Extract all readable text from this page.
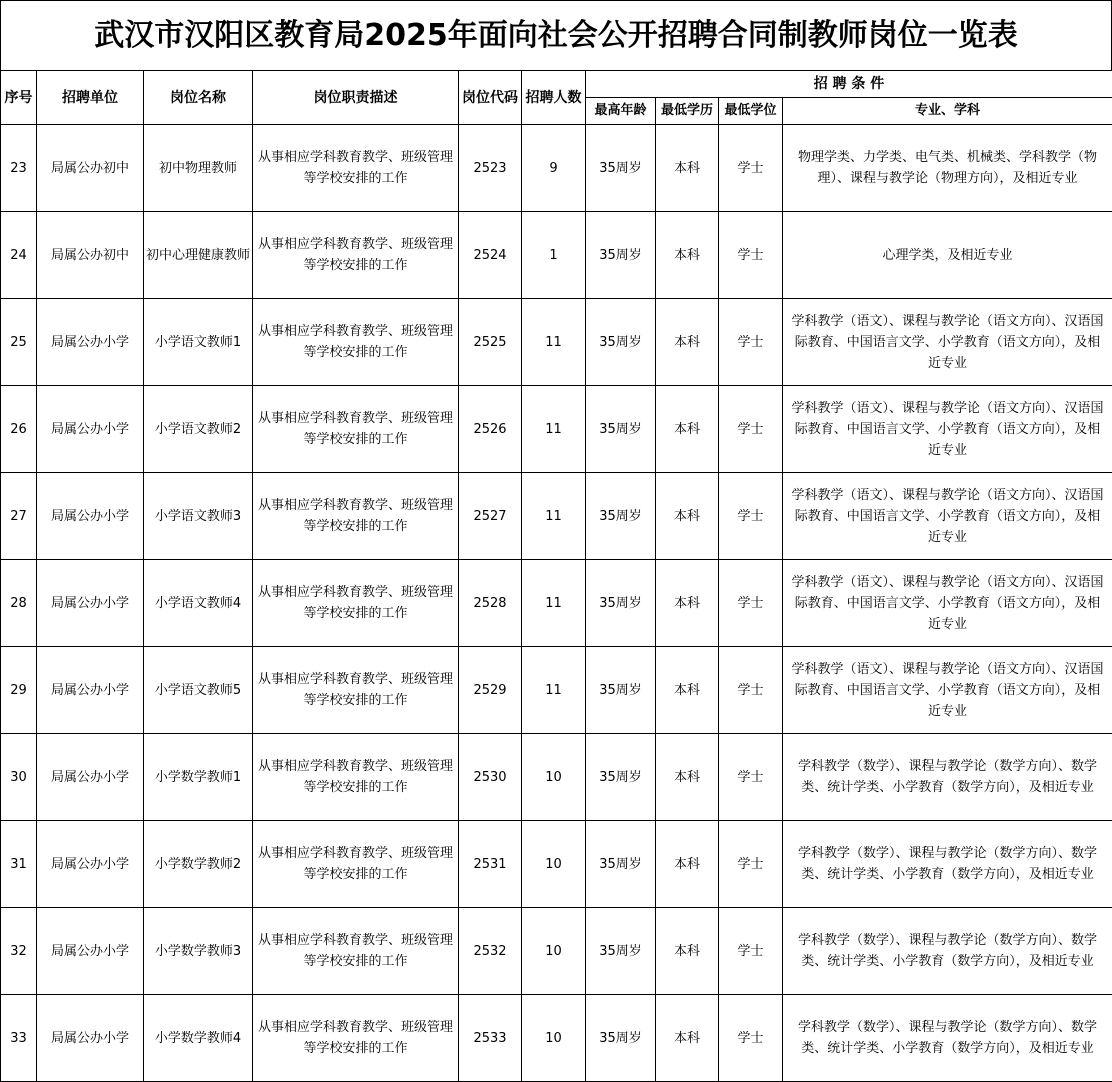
武汉市汉阳区教育局2025年面向社会公开招聘合同制教师岗位一览表
序号	招聘单位	岗位名称	岗位职责描述	岗位代码	招聘人数	招 聘 条 件			
						最高年龄	最低学历	最低学位	专业、学科
23	局属公办初中	初中物理教师	从事相应学科教育教学、班级管理等学校安排的工作	2523	9	35周岁	本科	学士	物理学类、力学类、电气类、机械类、学科教学（物理）、课程与教学论（物理方向），及相近专业
24	局属公办初中	初中心理健康教师	从事相应学科教育教学、班级管理等学校安排的工作	2524	1	35周岁	本科	学士	心理学类，及相近专业
25	局属公办小学	小学语文教师1	从事相应学科教育教学、班级管理等学校安排的工作	2525	11	35周岁	本科	学士	学科教学（语文）、课程与教学论（语文方向）、汉语国际教育、中国语言文学、小学教育（语文方向），及相近专业
26	局属公办小学	小学语文教师2	从事相应学科教育教学、班级管理等学校安排的工作	2526	11	35周岁	本科	学士	学科教学（语文）、课程与教学论（语文方向）、汉语国际教育、中国语言文学、小学教育（语文方向），及相近专业
27	局属公办小学	小学语文教师3	从事相应学科教育教学、班级管理等学校安排的工作	2527	11	35周岁	本科	学士	学科教学（语文）、课程与教学论（语文方向）、汉语国际教育、中国语言文学、小学教育（语文方向），及相近专业
28	局属公办小学	小学语文教师4	从事相应学科教育教学、班级管理等学校安排的工作	2528	11	35周岁	本科	学士	学科教学（语文）、课程与教学论（语文方向）、汉语国际教育、中国语言文学、小学教育（语文方向），及相近专业
29	局属公办小学	小学语文教师5	从事相应学科教育教学、班级管理等学校安排的工作	2529	11	35周岁	本科	学士	学科教学（语文）、课程与教学论（语文方向）、汉语国际教育、中国语言文学、小学教育（语文方向），及相近专业
30	局属公办小学	小学数学教师1	从事相应学科教育教学、班级管理等学校安排的工作	2530	10	35周岁	本科	学士	学科教学（数学）、课程与教学论（数学方向）、数学类、统计学类、小学教育（数学方向），及相近专业
31	局属公办小学	小学数学教师2	从事相应学科教育教学、班级管理等学校安排的工作	2531	10	35周岁	本科	学士	学科教学（数学）、课程与教学论（数学方向）、数学类、统计学类、小学教育（数学方向），及相近专业
32	局属公办小学	小学数学教师3	从事相应学科教育教学、班级管理等学校安排的工作	2532	10	35周岁	本科	学士	学科教学（数学）、课程与教学论（数学方向）、数学类、统计学类、小学教育（数学方向），及相近专业
33	局属公办小学	小学数学教师4	从事相应学科教育教学、班级管理等学校安排的工作	2533	10	35周岁	本科	学士	学科教学（数学）、课程与教学论（数学方向）、数学类、统计学类、小学教育（数学方向），及相近专业
